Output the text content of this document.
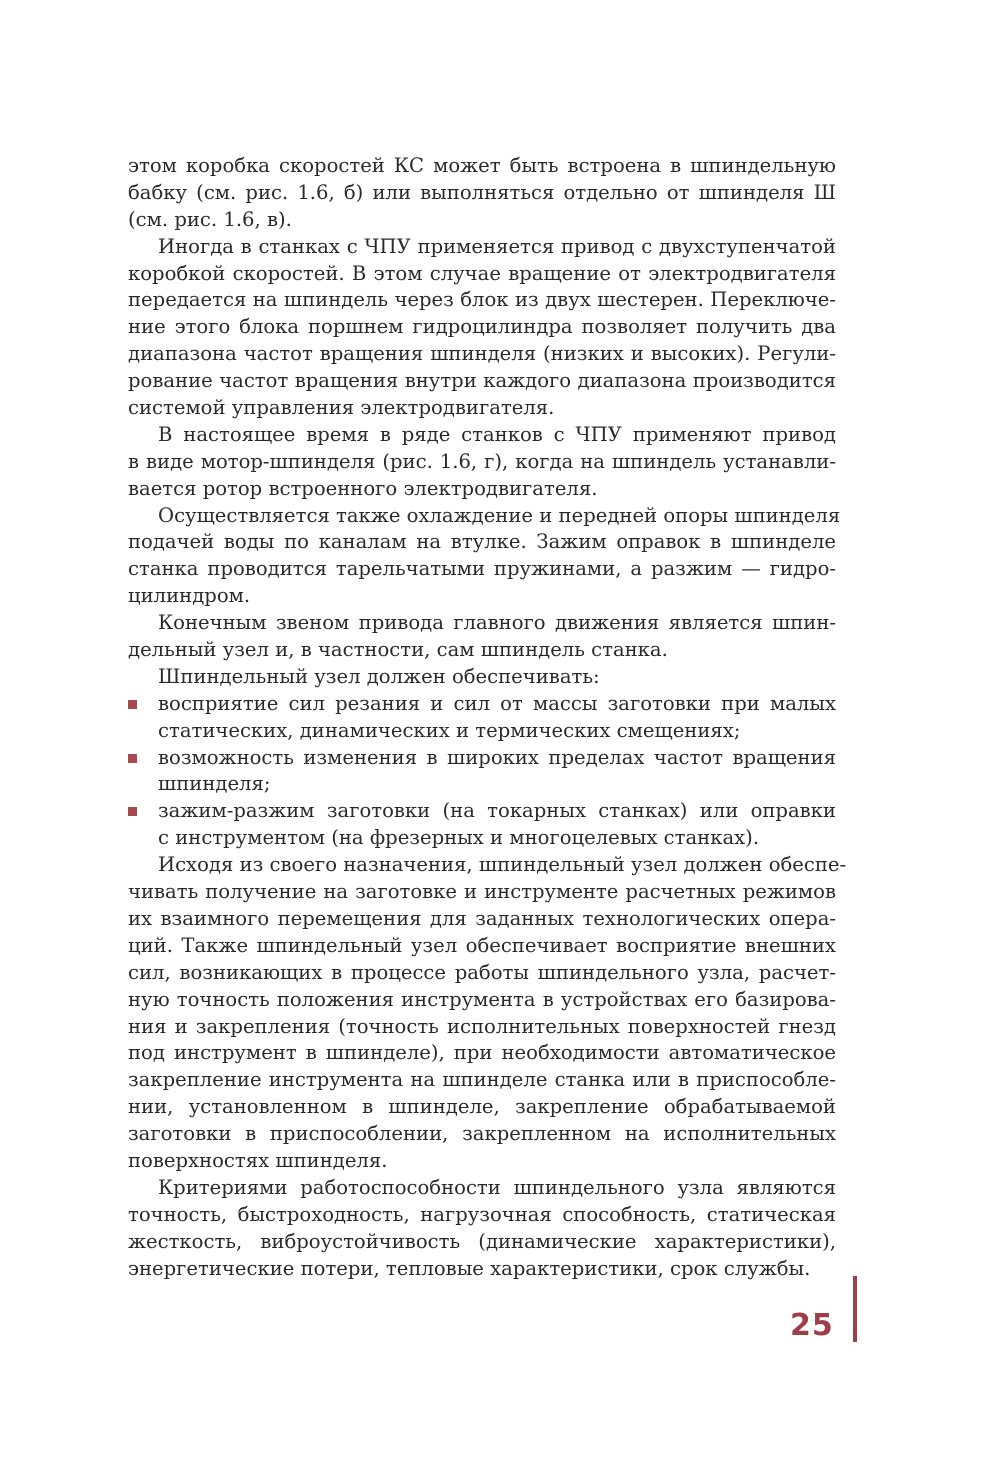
этом коробка скоростей КС может быть встроена в шпиндельную
бабку (см. рис. 1.6, б) или выполняться отдельно от шпинделя Ш
(см. рис. 1.6, в).
Иногда в станках с ЧПУ применяется привод с двухступенчатой
коробкой скоростей. В этом случае вращение от электродвигателя
передается на шпиндель через блок из двух шестерен. Переключе-
ние этого блока поршнем гидроцилиндра позволяет получить два
диапазона частот вращения шпинделя (низких и высоких). Регули-
рование частот вращения внутри каждого диапазона производится
системой управления электродвигателя.
В настоящее время в ряде станков с ЧПУ применяют привод
в виде мотор-шпинделя (рис. 1.6, г), когда на шпиндель устанавли-
вается ротор встроенного электродвигателя.
Осуществляется также охлаждение и передней опоры шпинделя
подачей воды по каналам на втулке. Зажим оправок в шпинделе
станка проводится тарельчатыми пружинами, а разжим — гидро-
цилиндром.
Конечным звеном привода главного движения является шпин-
дельный узел и, в частности, сам шпиндель станка.
Шпиндельный узел должен обеспечивать:
восприятие сил резания и сил от массы заготовки при малых
статических, динамических и термических смещениях;
возможность изменения в широких пределах частот вращения
шпинделя;
зажим-разжим заготовки (на токарных станках) или оправки
с инструментом (на фрезерных и многоцелевых станках).
Исходя из своего назначения, шпиндельный узел должен обеспе-
чивать получение на заготовке и инструменте расчетных режимов
их взаимного перемещения для заданных технологических опера-
ций. Также шпиндельный узел обеспечивает восприятие внешних
сил, возникающих в процессе работы шпиндельного узла, расчет-
ную точность положения инструмента в устройствах его базирова-
ния и закрепления (точность исполнительных поверхностей гнезд
под инструмент в шпинделе), при необходимости автоматическое
закрепление инструмента на шпинделе станка или в приспособле-
нии, установленном в шпинделе, закрепление обрабатываемой
заготовки в приспособлении, закрепленном на исполнительных
поверхностях шпинделя.
Критериями работоспособности шпиндельного узла являются
точность, быстроходность, нагрузочная способность, статическая
жесткость, виброустойчивость (динамические характеристики),
энергетические потери, тепловые характеристики, срок службы.
25
